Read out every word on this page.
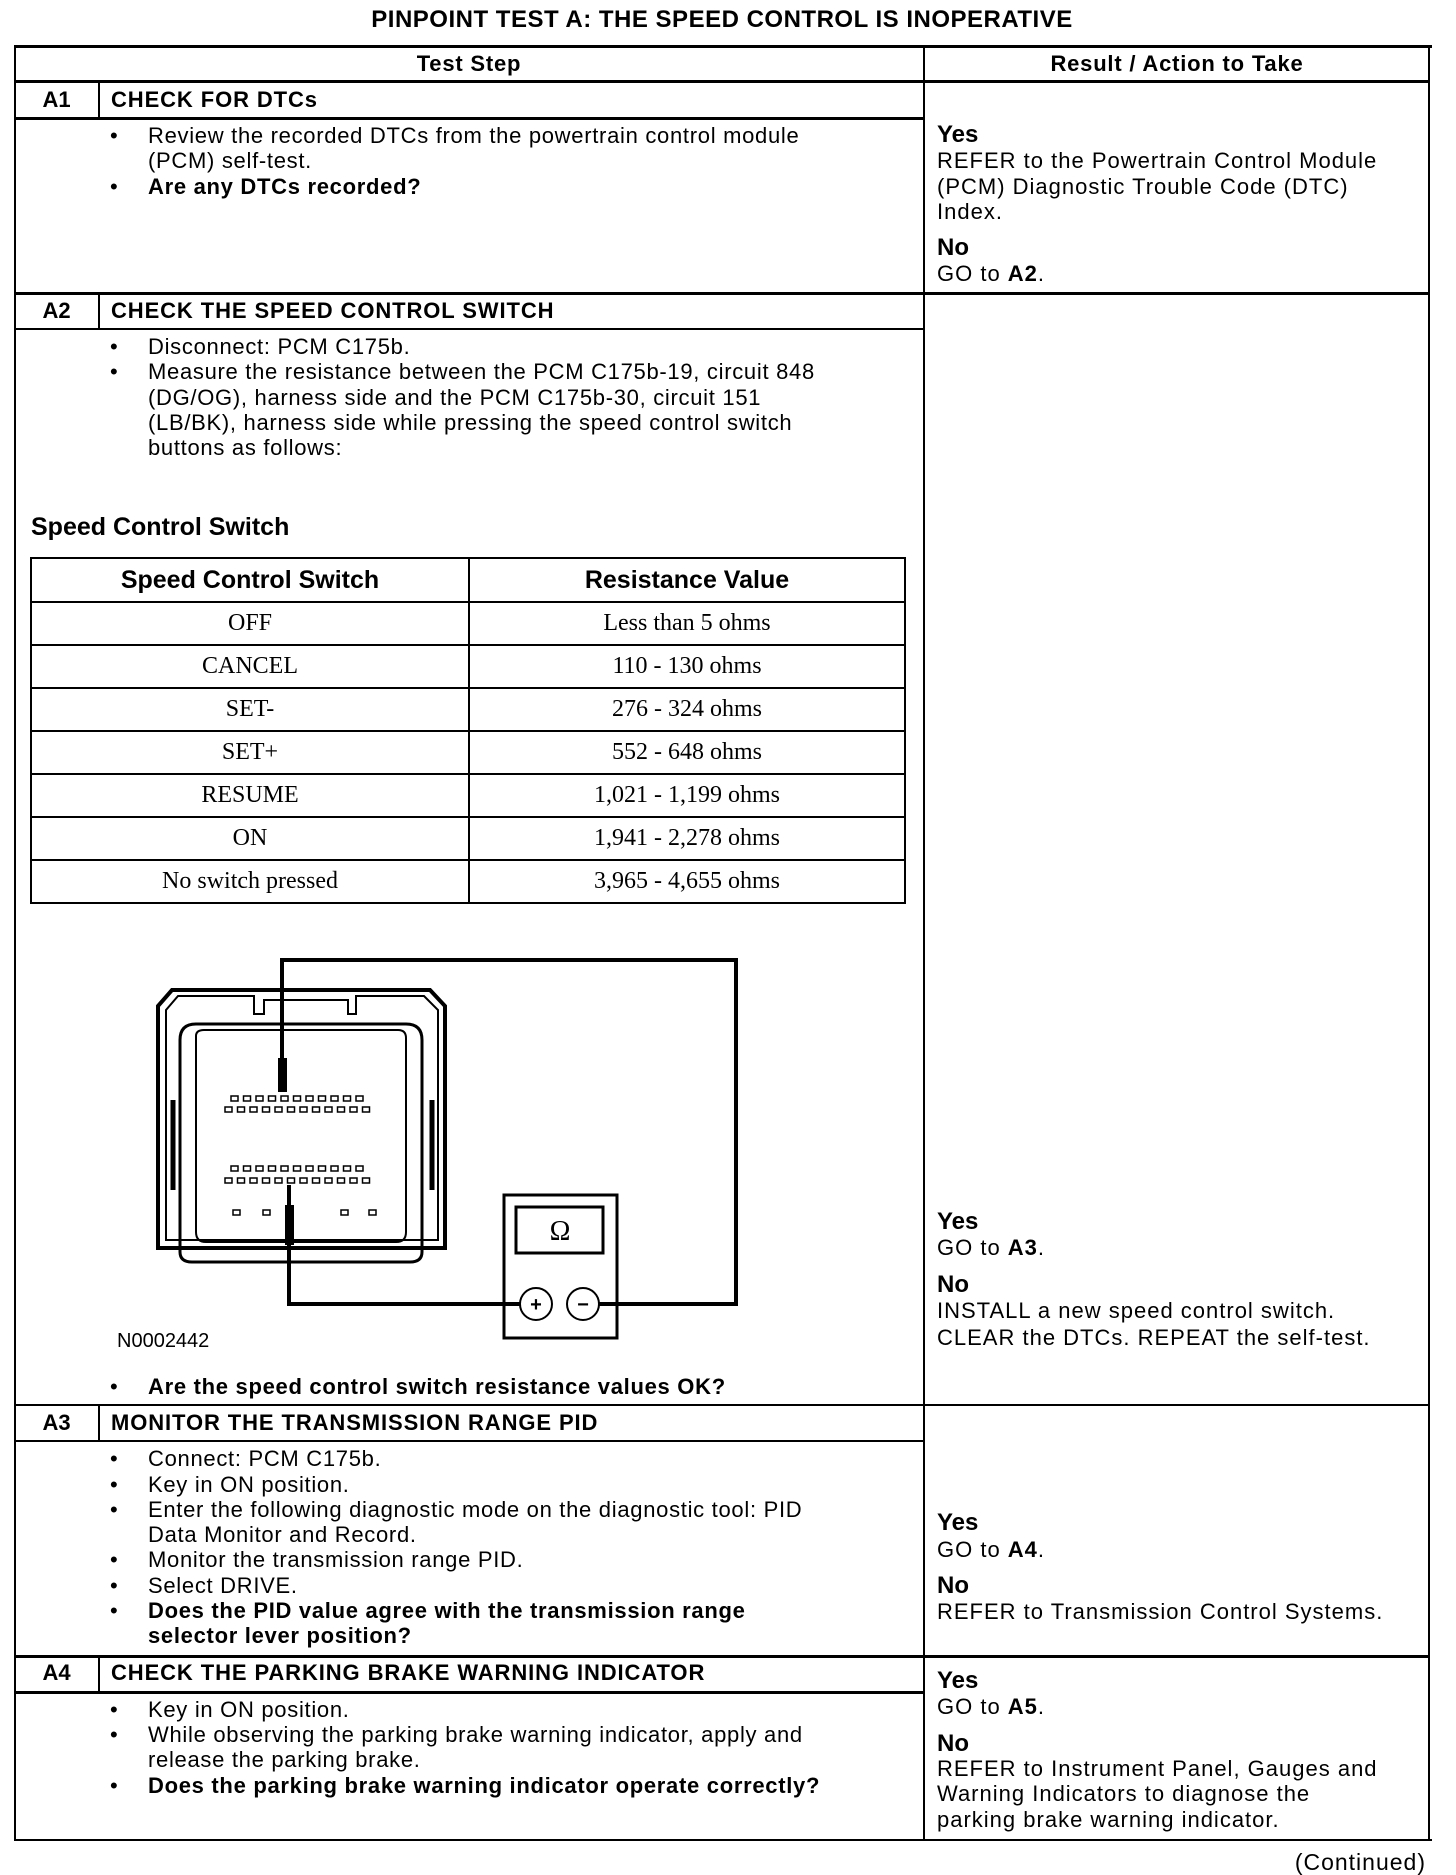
PINPOINT TEST A: THE SPEED CONTROL IS INOPERATIVE
Test Step	Result / Action to Take
A1	CHECK FOR DTCs
• Review the recorded DTCs from the powertrain control module
(PCM) self-test.
• Are any DTCs recorded?
Yes
REFER to the Powertrain Control Module
(PCM) Diagnostic Trouble Code (DTC)
Index.
No
GO to A2.
A2	CHECK THE SPEED CONTROL SWITCH
• Disconnect: PCM C175b.
• Measure the resistance between the PCM C175b-19, circuit 848
(DG/OG), harness side and the PCM C175b-30, circuit 151
(LB/BK), harness side while pressing the speed control switch
buttons as follows:
Speed Control Switch
Speed Control Switch	Resistance Value
OFF	Less than 5 ohms
CANCEL	110 - 130 ohms
SET-	276 - 324 ohms
SET+	552 - 648 ohms
RESUME	1,021 - 1,199 ohms
ON	1,941 - 2,278 ohms
No switch pressed	3,965 - 4,655 ohms
Ω
+ −
N0002442
• Are the speed control switch resistance values OK?
Yes
GO to A3.
No
INSTALL a new speed control switch.
CLEAR the DTCs. REPEAT the self-test.
A3	MONITOR THE TRANSMISSION RANGE PID
• Connect: PCM C175b.
• Key in ON position.
• Enter the following diagnostic mode on the diagnostic tool: PID
Data Monitor and Record.
• Monitor the transmission range PID.
• Select DRIVE.
• Does the PID value agree with the transmission range
selector lever position?
Yes
GO to A4.
No
REFER to Transmission Control Systems.
A4	CHECK THE PARKING BRAKE WARNING INDICATOR
• Key in ON position.
• While observing the parking brake warning indicator, apply and
release the parking brake.
• Does the parking brake warning indicator operate correctly?
Yes
GO to A5.
No
REFER to Instrument Panel, Gauges and
Warning Indicators to diagnose the
parking brake warning indicator.
(Continued)
